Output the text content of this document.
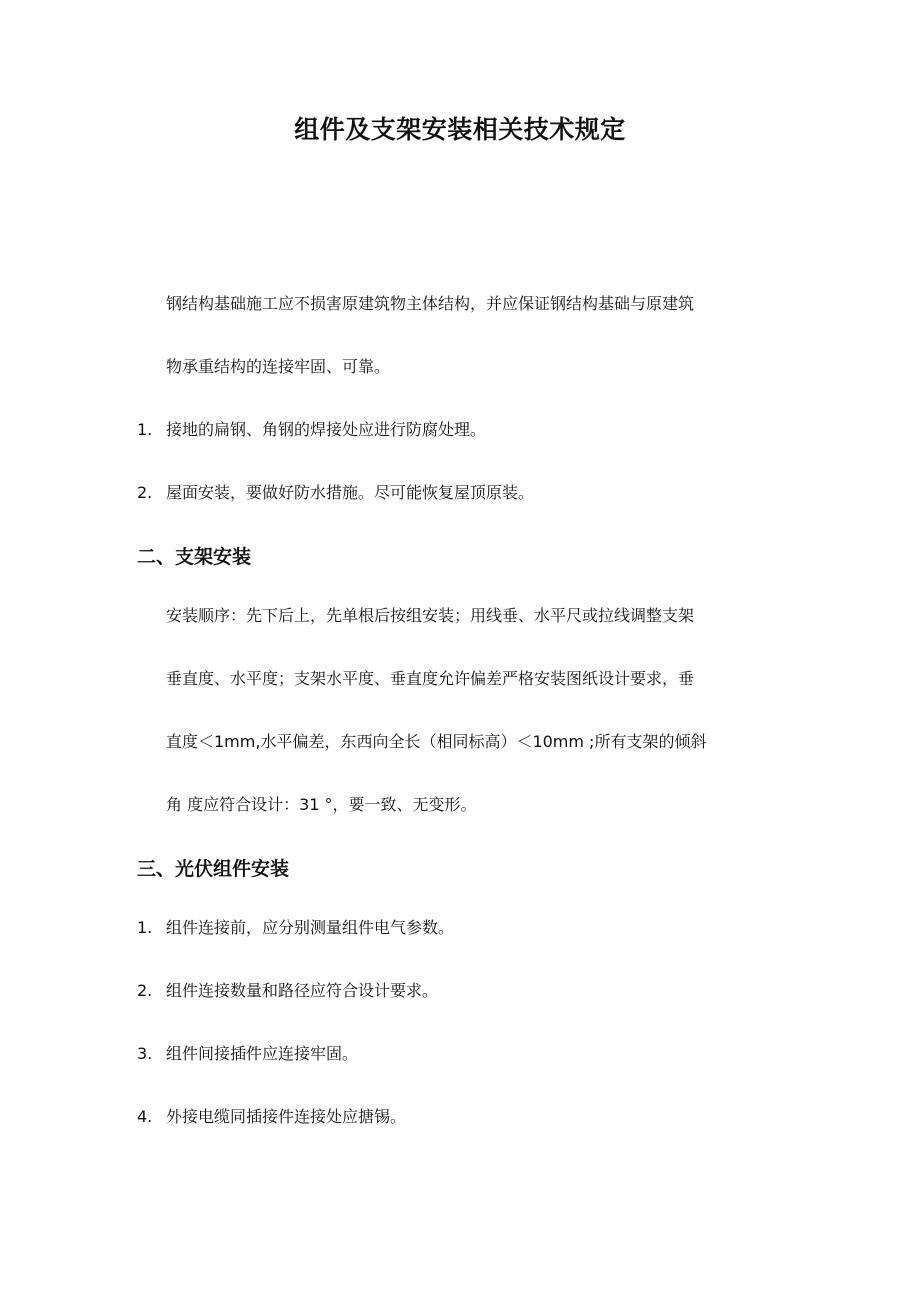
组件及支架安装相关技术规定
钢结构基础施工应不损害原建筑物主体结构，并应保证钢结构基础与原建筑
物承重结构的连接牢固、可靠。
1. 接地的扁钢、角钢的焊接处应进行防腐处理。
2. 屋面安装，要做好防水措施。尽可能恢复屋顶原装。
二、支架安装
安装顺序：先下后上，先单根后按组安装；用线垂、水平尺或拉线调整支架
垂直度、水平度；支架水平度、垂直度允许偏差严格安装图纸设计要求，垂
直度＜1mm,水平偏差，东西向全长（相同标高）＜10mm ;所有支架的倾斜
角 度应符合设计：31 °，要一致、无变形。
三、光伏组件安装
1. 组件连接前，应分别测量组件电气参数。
2. 组件连接数量和路径应符合设计要求。
3. 组件间接插件应连接牢固。
4. 外接电缆同插接件连接处应搪锡。
